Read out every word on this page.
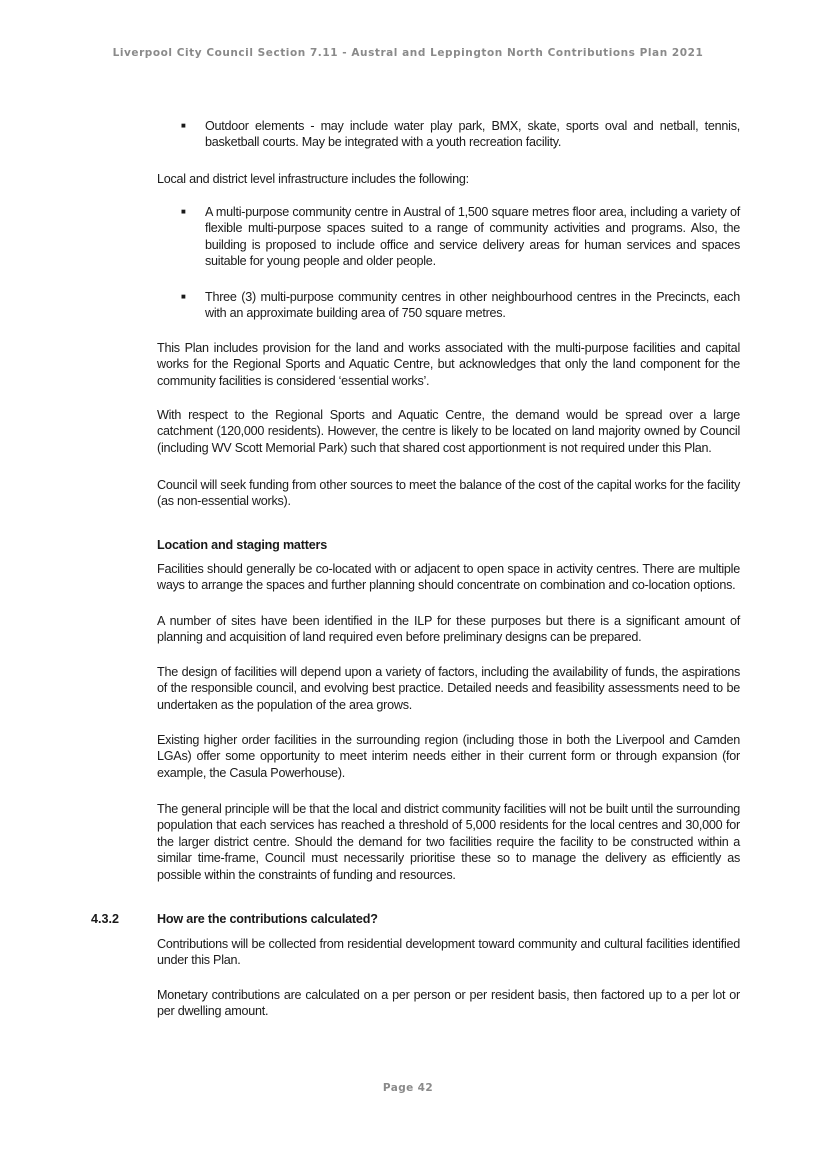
Liverpool City Council Section 7.11 - Austral and Leppington North Contributions Plan 2021
■ Outdoor elements - may include water play park, BMX, skate, sports oval and netball, tennis, basketball courts. May be integrated with a youth recreation facility.

Local and district level infrastructure includes the following:

■ A multi-purpose community centre in Austral of 1,500 square metres floor area, including a variety of flexible multi-purpose spaces suited to a range of community activities and programs. Also, the building is proposed to include office and service delivery areas for human services and spaces suitable for young people and older people.
■ Three (3) multi-purpose community centres in other neighbourhood centres in the Precincts, each with an approximate building area of 750 square metres.

This Plan includes provision for the land and works associated with the multi-purpose facilities and capital works for the Regional Sports and Aquatic Centre, but acknowledges that only the land component for the community facilities is considered ‘essential works’.

With respect to the Regional Sports and Aquatic Centre, the demand would be spread over a large catchment (120,000 residents). However, the centre is likely to be located on land majority owned by Council (including WV Scott Memorial Park) such that shared cost apportionment is not required under this Plan.

Council will seek funding from other sources to meet the balance of the cost of the capital works for the facility (as non-essential works).

Location and staging matters

Facilities should generally be co-located with or adjacent to open space in activity centres. There are multiple ways to arrange the spaces and further planning should concentrate on combination and co-location options.

A number of sites have been identified in the ILP for these purposes but there is a significant amount of planning and acquisition of land required even before preliminary designs can be prepared.

The design of facilities will depend upon a variety of factors, including the availability of funds, the aspirations of the responsible council, and evolving best practice. Detailed needs and feasibility assessments need to be undertaken as the population of the area grows.

Existing higher order facilities in the surrounding region (including those in both the Liverpool and Camden LGAs) offer some opportunity to meet interim needs either in their current form or through expansion (for example, the Casula Powerhouse).

The general principle will be that the local and district community facilities will not be built until the surrounding population that each services has reached a threshold of 5,000 residents for the local centres and 30,000 for the larger district centre. Should the demand for two facilities require the facility to be constructed within a similar time-frame, Council must necessarily prioritise these so to manage the delivery as efficiently as possible within the constraints of funding and resources.

4.3.2	How are the contributions calculated?

Contributions will be collected from residential development toward community and cultural facilities identified under this Plan.

Monetary contributions are calculated on a per person or per resident basis, then factored up to a per lot or per dwelling amount.

Page 42
